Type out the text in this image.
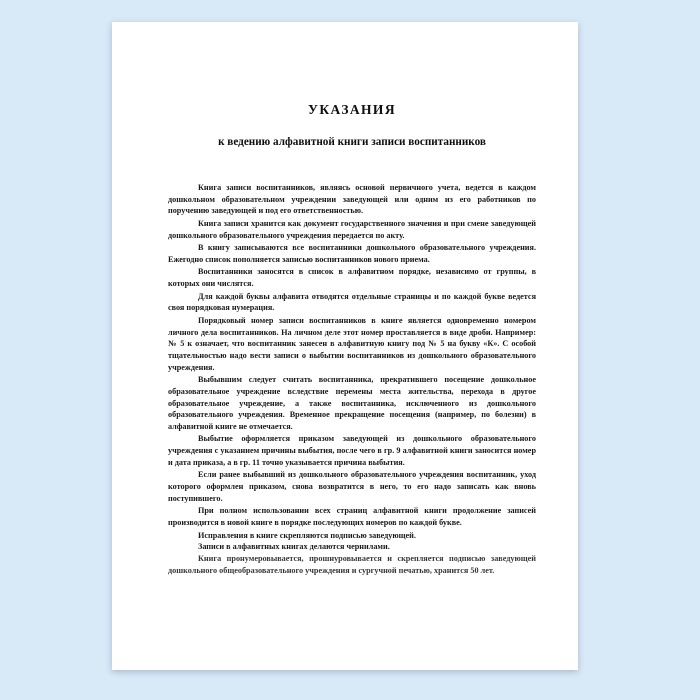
УКАЗАНИЯ
к ведению алфавитной книги записи воспитанников

Книга записи воспитанников, являясь основой первичного учета, ведется в каждом дошкольном образовательном учреждении заведующей или одним из его работников по поручению заведующей и под его ответственностью.

Книга записи хранится как документ государственного значения и при смене заведующей дошкольного образовательного учреждения передается по акту.

В книгу записываются все воспитанники дошкольного образовательного учреждения. Ежегодно список пополняется записью воспитанников нового приема.

Воспитанники заносятся в список в алфавитном порядке, независимо от группы, в которых они числятся.

Для каждой буквы алфавита отводятся отдельные страницы и по каждой букве ведется своя порядковая нумерация.

Порядковый номер записи воспитанников в книге является одновременно номером личного дела воспитанников. На личном деле этот номер проставляется в виде дроби. Например: № 5 к означает, что воспитанник занесен в алфавитную книгу под № 5 на букву «К». С особой тщательностью надо вести записи о выбытии воспитанников из дошкольного образовательного учреждения.

Выбывшим следует считать воспитанника, прекратившего посещение дошкольное образовательное учреждение вследствие перемены места жительства, перехода в другое образовательное учреждение, а также воспитанника, исключенного из дошкольного образовательного учреждения. Временное прекращение посещения (например, по болезни) в алфавитной книге не отмечается.

Выбытие оформляется приказом заведующей из дошкольного образовательного учреждения с указанием причины выбытия, после чего в гр. 9 алфавитной книги заносится номер и дата приказа, а в гр. 11 точно указывается причина выбытия.

Если ранее выбывший из дошкольного образовательного учреждения воспитанник, уход которого оформлен приказом, снова возвратится в него, то его надо записать как вновь поступившего.

При полном использовании всех страниц алфавитной книги продолжение записей производится в новой книге в порядке последующих номеров по каждой букве.

Исправления в книге скрепляются подписью заведующей.

Записи в алфавитных книгах делаются чернилами.

Книга пронумеровывается, прошнуровывается и скрепляется подписью заведующей дошкольного общеобразовательного учреждения и сургучной печатью, хранится 50 лет.
